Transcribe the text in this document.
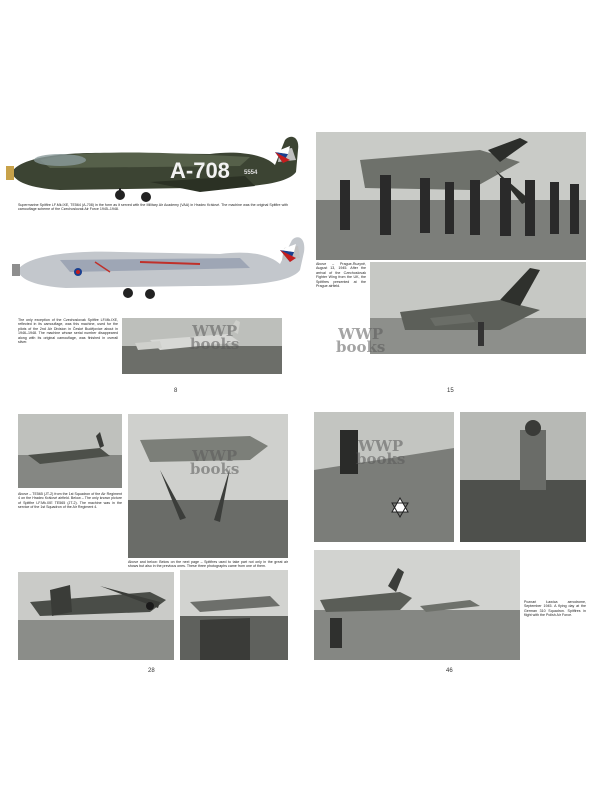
A-708 5554
Supermarine Spitfire LF.Mk.IXE, TE564 (A-708) in the form as it served with the Military Air Academy (VAA) in Hradec Králové. The machine was the original Spitfire with camouflage scheme of the Czechoslovak Air Force 1945–1948.
The only exception of the Czechoslovak Spitfire LF.Mk.IXE, reflected in its camouflage, was this machine, used for the pilots of the 2nd Air Division in České Budějovice about in 1946–1948. The machine whose serial number disappeared along with its original camouflage, was finished in overall silver.
Above – Prague-Ruzyně, August 13, 1945. After the arrival of the Czechoslovak Fighter Wing from the UK, the Spitfires presented at the Prague airfield.
Above – TE565 (JT-2) from the 1st Squadron of the Air Regiment 4 on the Hradec Králové airfield. Below – The only known picture of Spitfire LF.Mk.IXE TE565 (JT-2). The machine was in the service of the 1st Squadron of the Air Regiment 4.
Above and below: Below on the next page – Spitfires used to take part not only in the great air shows but also in the previous ones. These three photographs came from one of them.
Poznań Ławica aerodrome, September 1945. A flying day at the German 310 Squadron. Spitfires in flight with the Polish Air Force.
WWP
books
WWP
books
WWP
books
WWP
books
8	15
28	46
